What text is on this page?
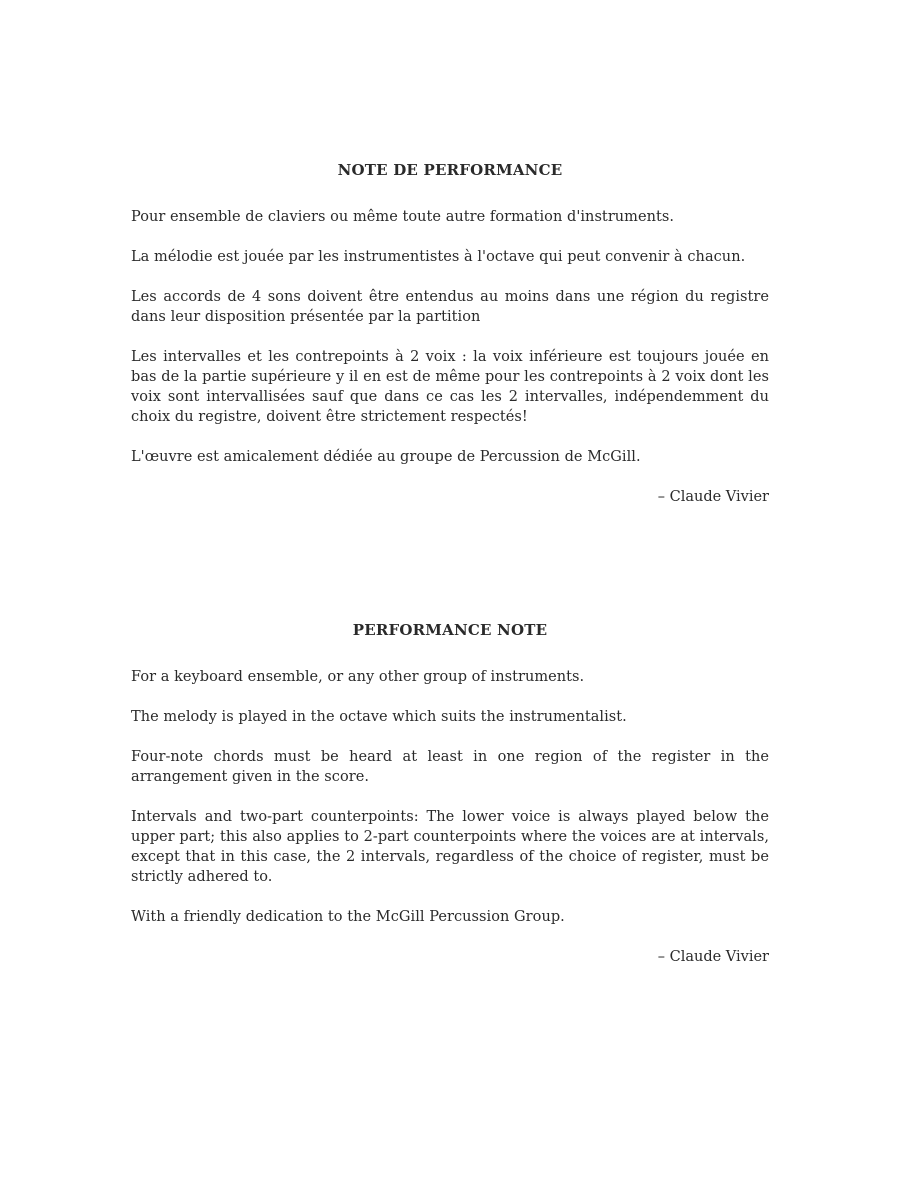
NOTE DE PERFORMANCE

Pour ensemble de claviers ou même toute autre formation d'instruments.

La mélodie est jouée par les instrumentistes à l'octave qui peut convenir à chacun.

Les accords de 4 sons doivent être entendus au moins dans une région du registre dans leur disposition présentée par la partition

Les intervalles et les contrepoints à 2 voix : la voix inférieure est toujours jouée en bas de la partie supérieure y il en est de même pour les contrepoints à 2 voix dont les voix sont intervallisées sauf que dans ce cas les 2 intervalles, indépendemment du choix du registre, doivent être strictement respectés!

L'œuvre est amicalement dédiée au groupe de Percussion de McGill.

– Claude Vivier

PERFORMANCE NOTE

For a keyboard ensemble, or any other group of instruments.

The melody is played in the octave which suits the instrumentalist.

Four-note chords must be heard at least in one region of the register in the arrangement given in the score.

Intervals and two-part counterpoints: The lower voice is always played below the upper part; this also applies to 2-part counterpoints where the voices are at intervals, except that in this case, the 2 intervals, regardless of the choice of register, must be strictly adhered to.

With a friendly dedication to the McGill Percussion Group.

– Claude Vivier
